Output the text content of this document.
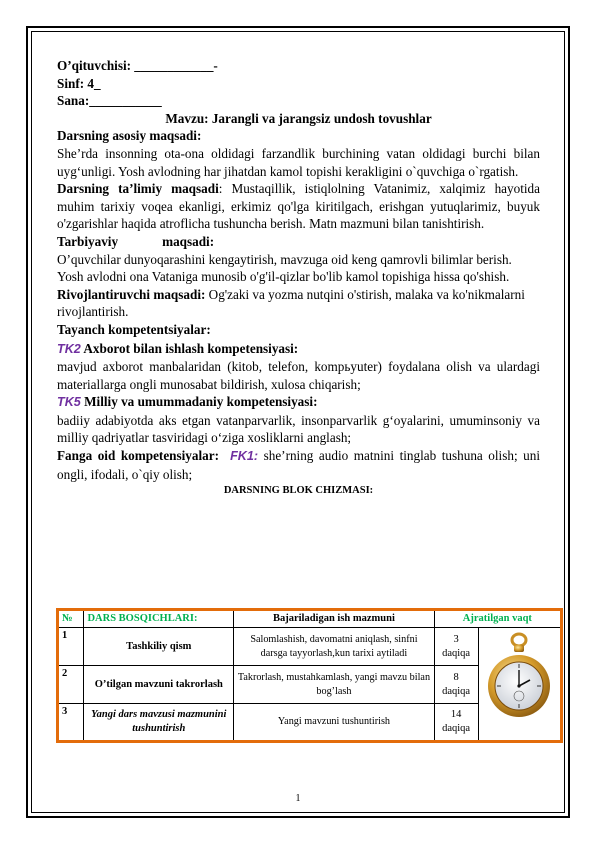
O’qituvchisi: ____________-

Sinf: 4_

Sana:___________

Mavzu: Jarangli va jarangsiz undosh tovushlar

Darsning asosiy maqsadi:

She’rda insonning ota-ona oldidagi farzandlik burchining vatan oldidagi burchi bilan uyg‘unligi. Yosh avlodning har jihatdan kamol topishi kerakligini o`quvchiga o`rgatish.

Darsning ta’limiy maqsadi: Mustaqillik, istiqlolning Vatanimiz, xalqimiz hayotida muhim tarixiy voqea ekanligi, erkimiz qo'lga kiritilgach, erishgan yutuqlarimiz, buyuk o'zgarishlar haqida atroflicha tushuncha berish. Matn mazmuni bilan tanishtirish.

Tarbiyaviy	maqsadi:

O’quvchilar dunyoqarashini kengaytirish, mavzuga oid keng qamrovli bilimlar berish. Yosh avlodni ona Vataniga munosib o'g'il-qizlar bo'lib kamol topishiga hissa qo'shish.

Rivojlantiruvchi maqsadi: Og'zaki va yozma nutqini o'stirish, malaka va ko'nikmalarni rivojlantirish.

Tayanch kompetentsiyalar:

TK2 Axborot bilan ishlash kompetensiyasi:

mavjud axborot manbalaridan (kitob, telefon, kompьyuter) foydalana olish va ulardagi materiallarga ongli munosabat bildirish, xulosa chiqarish;

TK5 Milliy va umummadaniy kompetensiyasi:

badiiy adabiyotda aks etgan vatanparvarlik, insonparvarlik g‘oyalarini, umuminsoniy va milliy qadriyatlar tasviridagi o‘ziga xosliklarni anglash;

Fanga oid kompetensiyalar: FK1: she’rning audio matnini tinglab tushuna olish; uni ongli, ifodali, o`qiy olish;

DARSNING BLOK CHIZMASI:

№	DARS BOSQICHLARI:	Bajariladigan ish mazmuni	Ajratilgan vaqt	
1	Tashkiliy qism	Salomlashish, davomatni aniqlash, sinfni darsga tayyorlash,kun tarixi aytiladi	3
daqiqa	
2	O’tilgan mavzuni takrorlash	Takrorlash, mustahkamlash, yangi mavzu bilan bog’lash	8
daqiqa	
3	Yangi dars mavzusi mazmunini tushuntirish	Yangi mavzuni tushuntirish	14
daqiqa	
1
